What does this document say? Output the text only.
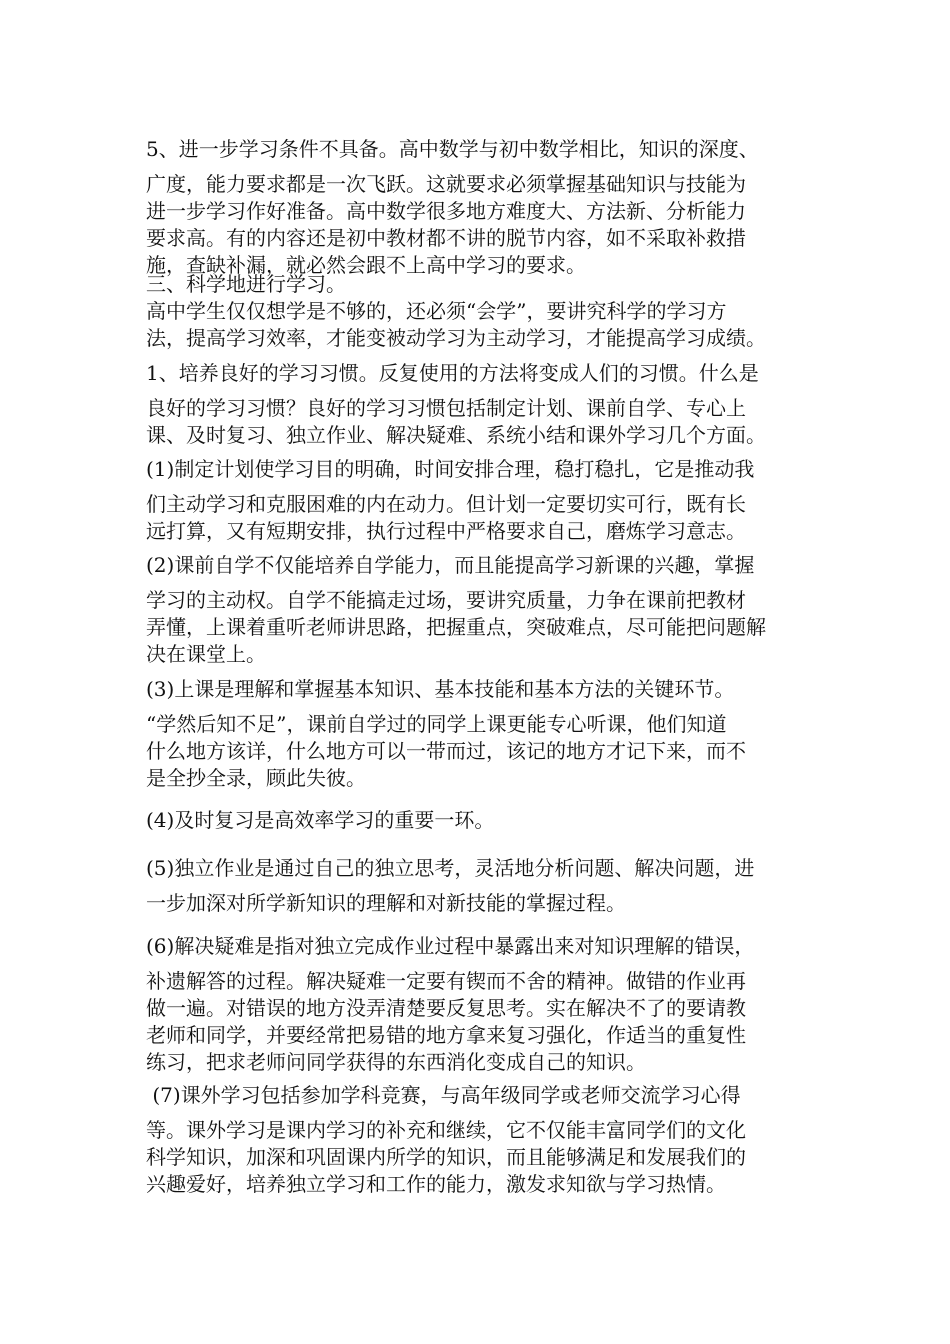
5、进一步学习条件不具备。高中数学与初中数学相比，知识的深度、
广度，能力要求都是一次飞跃。这就要求必须掌握基础知识与技能为
进一步学习作好准备。高中数学很多地方难度大、方法新、分析能力
要求高。有的内容还是初中教材都不讲的脱节内容，如不采取补救措
施，查缺补漏，就必然会跟不上高中学习的要求。
三、科学地进行学习。
高中学生仅仅想学是不够的，还必须“会学”，要讲究科学的学习方
法，提高学习效率，才能变被动学习为主动学习，才能提高学习成绩。
1、培养良好的学习习惯。反复使用的方法将变成人们的习惯。什么是
良好的学习习惯？良好的学习习惯包括制定计划、课前自学、专心上
课、及时复习、独立作业、解决疑难、系统小结和课外学习几个方面。
(1)制定计划使学习目的明确，时间安排合理，稳打稳扎，它是推动我
们主动学习和克服困难的内在动力。但计划一定要切实可行，既有长
远打算，又有短期安排，执行过程中严格要求自己，磨炼学习意志。
(2)课前自学不仅能培养自学能力，而且能提高学习新课的兴趣，掌握
学习的主动权。自学不能搞走过场，要讲究质量，力争在课前把教材
弄懂，上课着重听老师讲思路，把握重点，突破难点，尽可能把问题解
决在课堂上。
(3)上课是理解和掌握基本知识、基本技能和基本方法的关键环节。
“学然后知不足”，课前自学过的同学上课更能专心听课，他们知道
什么地方该详，什么地方可以一带而过，该记的地方才记下来，而不
是全抄全录，顾此失彼。
(4)及时复习是高效率学习的重要一环。
(5)独立作业是通过自己的独立思考，灵活地分析问题、解决问题，进
一步加深对所学新知识的理解和对新技能的掌握过程。
(6)解决疑难是指对独立完成作业过程中暴露出来对知识理解的错误，
补遗解答的过程。解决疑难一定要有锲而不舍的精神。做错的作业再
做一遍。对错误的地方没弄清楚要反复思考。实在解决不了的要请教
老师和同学，并要经常把易错的地方拿来复习强化，作适当的重复性
练习，把求老师问同学获得的东西消化变成自己的知识。
(7)课外学习包括参加学科竞赛，与高年级同学或老师交流学习心得
等。课外学习是课内学习的补充和继续，它不仅能丰富同学们的文化
科学知识，加深和巩固课内所学的知识，而且能够满足和发展我们的
兴趣爱好，培养独立学习和工作的能力，激发求知欲与学习热情。
